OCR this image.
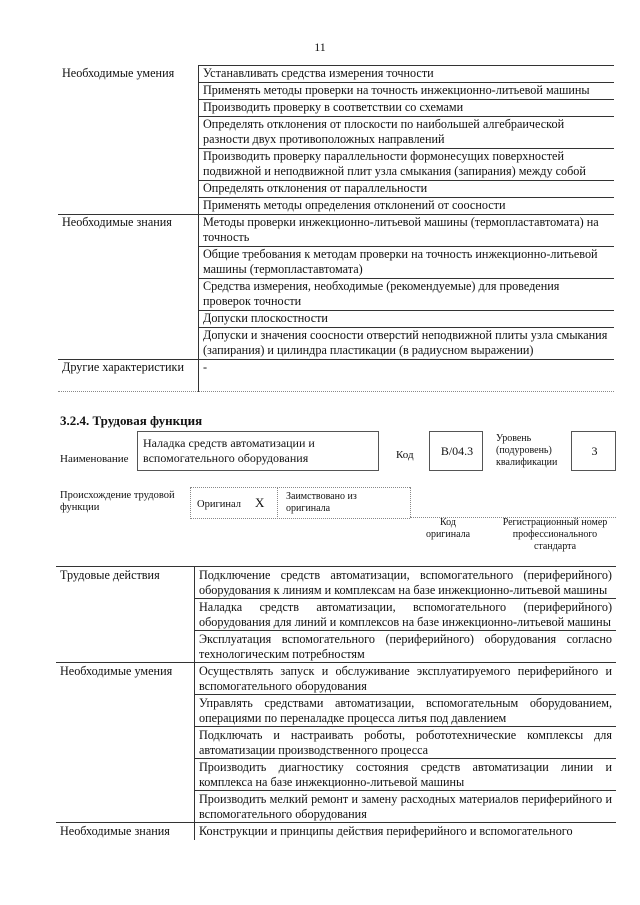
11
Необходимые умения	Устанавливать средства измерения точности
	Применять методы проверки на точность инжекционно-литьевой машины
	Производить проверку в соответствии со схемами
	Определять отклонения от плоскости по наибольшей алгебраической разности двух противоположных направлений
	Производить проверку параллельности формонесущих поверхностей подвижной и неподвижной плит узла смыкания (запирания) между собой
	Определять отклонения от параллельности
	Применять методы определения отклонений от соосности
Необходимые знания	Методы проверки инжекционно-литьевой машины (термопластавтомата) на точность
	Общие требования к методам проверки на точность инжекционно-литьевой машины (термопластавтомата)
	Средства измерения, необходимые (рекомендуемые) для проведения проверок точности
	Допуски плоскостности
	Допуски и значения соосности отверстий неподвижной плиты узла смыкания (запирания) и цилиндра пластикации (в радиусном выражении)
Другие характеристики	-
3.2.4. Трудовая функция
Наименование
Наладка средств автоматизации и вспомогательного оборудования	Код	B/04.3
Уровень (подуровень) квалификации
3
Происхождение трудовой функции	Оригинал X Заимствовано из оригинала
Код оригинала
Регистрационный номер профессионального стандарта
Трудовые действия	Подключение средств автоматизации, вспомогательного (периферийного) оборудования к линиям и комплексам на базе инжекционно-литьевой машины
	Наладка средств автоматизации, вспомогательного (периферийного) оборудования для линий и комплексов на базе инжекционно-литьевой машины
	Эксплуатация вспомогательного (периферийного) оборудования согласно технологическим потребностям
Необходимые умения	Осуществлять запуск и обслуживание эксплуатируемого периферийного и вспомогательного оборудования
	Управлять средствами автоматизации, вспомогательным оборудованием, операциями по переналадке процесса литья под давлением
	Подключать и настраивать роботы, робототехнические комплексы для автоматизации производственного процесса
	Производить диагностику состояния средств автоматизации линии и комплекса на базе инжекционно-литьевой машины
	Производить мелкий ремонт и замену расходных материалов периферийного и вспомогательного оборудования
Необходимые знания	Конструкции и принципы действия периферийного и вспомогательного
